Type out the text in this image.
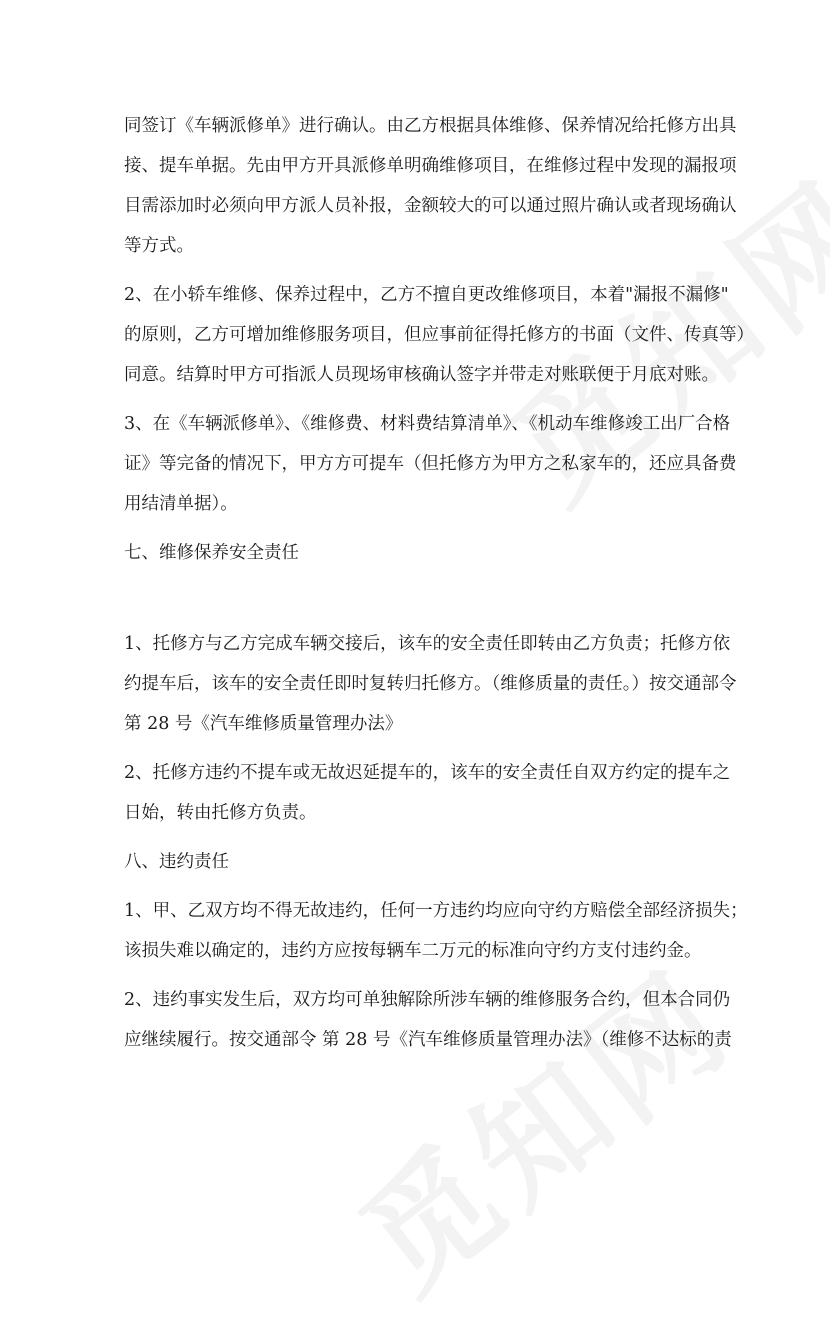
同签订《车辆派修单》进行确认。由乙方根据具体维修、保养情况给托修方出具
接、提车单据。先由甲方开具派修单明确维修项目，在维修过程中发现的漏报项
目需添加时必须向甲方派人员补报，金额较大的可以通过照片确认或者现场确认
等方式。
2、在小轿车维修、保养过程中，乙方不擅自更改维修项目，本着"漏报不漏修"
的原则，乙方可增加维修服务项目，但应事前征得托修方的书面（文件、传真等）
同意。结算时甲方可指派人员现场审核确认签字并带走对账联便于月底对账。
3、在《车辆派修单》、《维修费、材料费结算清单》、《机动车维修竣工出厂合格
证》等完备的情况下，甲方方可提车（但托修方为甲方之私家车的，还应具备费
用结清单据）。
七、维修保养安全责任
1、托修方与乙方完成车辆交接后，该车的安全责任即转由乙方负责；托修方依
约提车后，该车的安全责任即时复转归托修方。（维修质量的责任。）按交通部令
第 28 号《汽车维修质量管理办法》
2、托修方违约不提车或无故迟延提车的，该车的安全责任自双方约定的提车之
日始，转由托修方负责。
八、违约责任
1、甲、乙双方均不得无故违约，任何一方违约均应向守约方赔偿全部经济损失；
该损失难以确定的，违约方应按每辆车二万元的标准向守约方支付违约金。
2、违约事实发生后，双方均可单独解除所涉车辆的维修服务合约，但本合同仍
应继续履行。按交通部令 第 28 号《汽车维修质量管理办法》（维修不达标的责
